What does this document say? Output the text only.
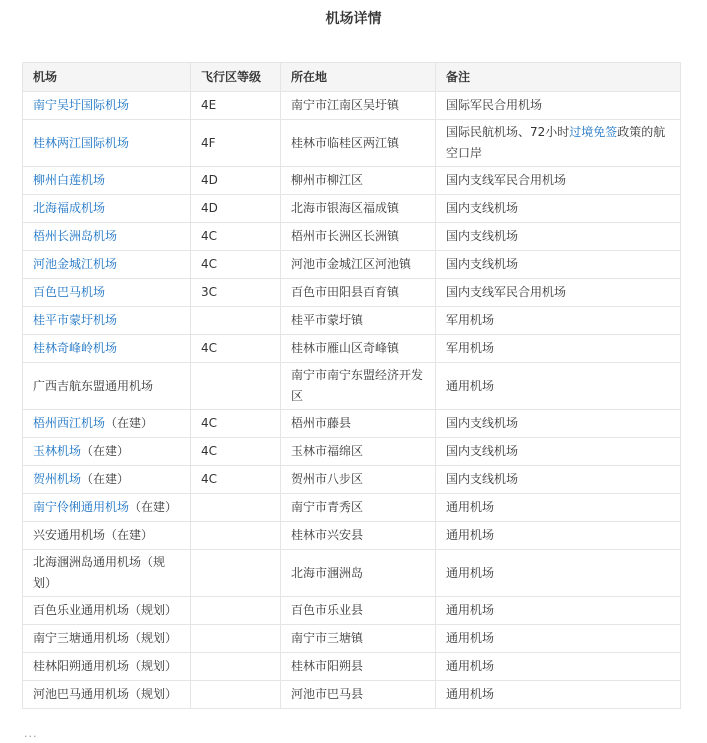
机场详情
机场	飞行区等级	所在地	备注
南宁吴圩国际机场	4E	南宁市江南区吴圩镇	国际军民合用机场
桂林两江国际机场	4F	桂林市临桂区两江镇	国际民航机场、72小时过境免签政策的航空口岸
柳州白莲机场	4D	柳州市柳江区	国内支线军民合用机场
北海福成机场	4D	北海市银海区福成镇	国内支线机场
梧州长洲岛机场	4C	梧州市长洲区长洲镇	国内支线机场
河池金城江机场	4C	河池市金城江区河池镇	国内支线机场
百色巴马机场	3C	百色市田阳县百育镇	国内支线军民合用机场
桂平市蒙圩机场		桂平市蒙圩镇	军用机场
桂林奇峰岭机场	4C	桂林市雁山区奇峰镇	军用机场
广西吉航东盟通用机场		南宁市南宁东盟经济开发区	通用机场
梧州西江机场（在建）	4C	梧州市藤县	国内支线机场
玉林机场（在建）	4C	玉林市福绵区	国内支线机场
贺州机场（在建）	4C	贺州市八步区	国内支线机场
南宁伶俐通用机场（在建）		南宁市青秀区	通用机场
兴安通用机场（在建）		桂林市兴安县	通用机场
北海涠洲岛通用机场（规划）		北海市涠洲岛	通用机场
百色乐业通用机场（规划）		百色市乐业县	通用机场
南宁三塘通用机场（规划）		南宁市三塘镇	通用机场
桂林阳朔通用机场（规划）		桂林市阳朔县	通用机场
河池巴马通用机场（规划）		河池市巴马县	通用机场
···
